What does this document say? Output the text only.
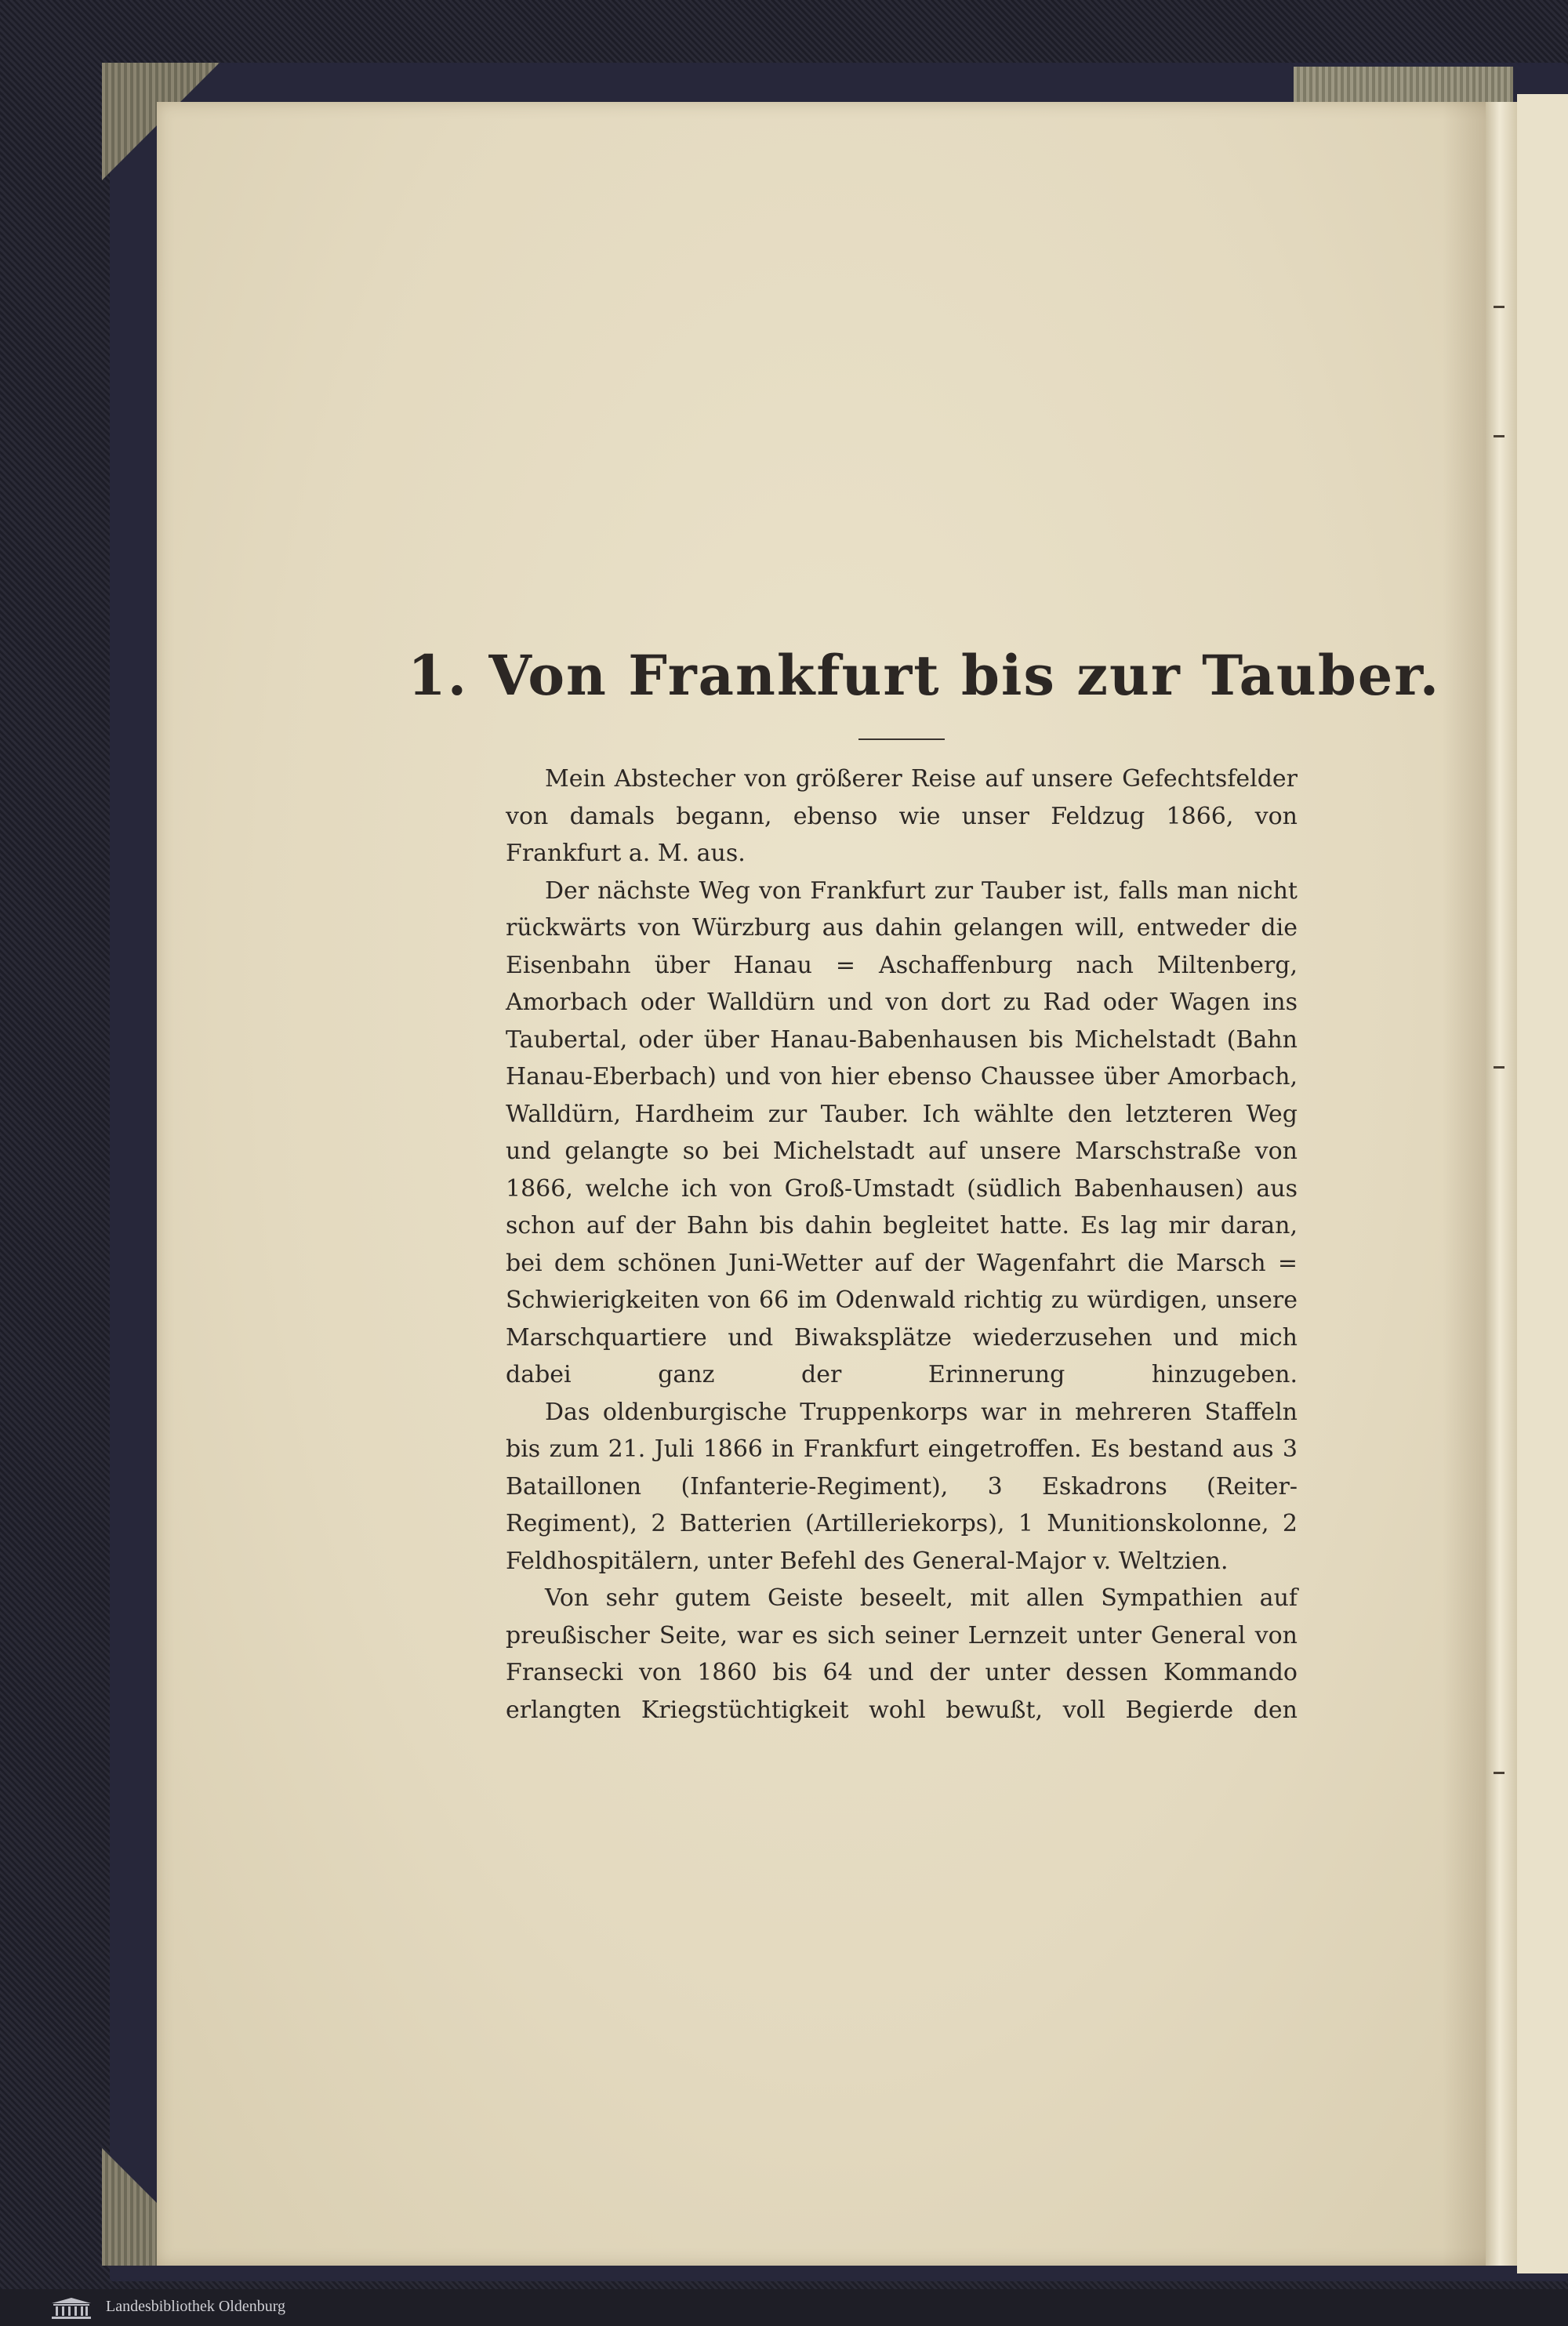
1. Von Frankfurt bis zur Tauber.

Mein Abstecher von größerer Reise auf unsere Gefechtsfelder von damals begann, ebenso wie unser Feldzug 1866, von Frankfurt a. M. aus.

Der nächste Weg von Frankfurt zur Tauber ist, falls man nicht rückwärts von Würzburg aus dahin gelangen will, entweder die Eisenbahn über Hanau = Aschaffenburg nach Miltenberg, Amorbach oder Walldürn und von dort zu Rad oder Wagen ins Taubertal, oder über Hanau-Babenhausen bis Michelstadt (Bahn Hanau-Eberbach) und von hier ebenso Chaussee über Amorbach, Walldürn, Hardheim zur Tauber. Ich wählte den letzteren Weg und gelangte so bei Michelstadt auf unsere Marschstraße von 1866, welche ich von Groß-Umstadt (südlich Babenhausen) aus schon auf der Bahn bis dahin begleitet hatte. Es lag mir daran, bei dem schönen Juni-Wetter auf der Wagenfahrt die Marsch = Schwierigkeiten von 66 im Odenwald richtig zu würdigen, unsere Marschquartiere und Biwaksplätze wiederzusehen und mich dabei ganz der Erinnerung hinzugeben.

Das oldenburgische Truppenkorps war in mehreren Staffeln bis zum 21. Juli 1866 in Frankfurt eingetroffen. Es bestand aus 3 Bataillonen (Infanterie-Regiment), 3 Eskadrons (Reiter-Regiment), 2 Batterien (Artilleriekorps), 1 Munitionskolonne, 2 Feldhospitälern, unter Befehl des General-Major v. Weltzien.

Von sehr gutem Geiste beseelt, mit allen Sympathien auf preußischer Seite, war es sich seiner Lernzeit unter General von Fransecki von 1860 bis 64 und der unter dessen Kommando erlangten Kriegstüchtigkeit wohl bewußt, voll Begierde den

Landesbibliothek Oldenburg
